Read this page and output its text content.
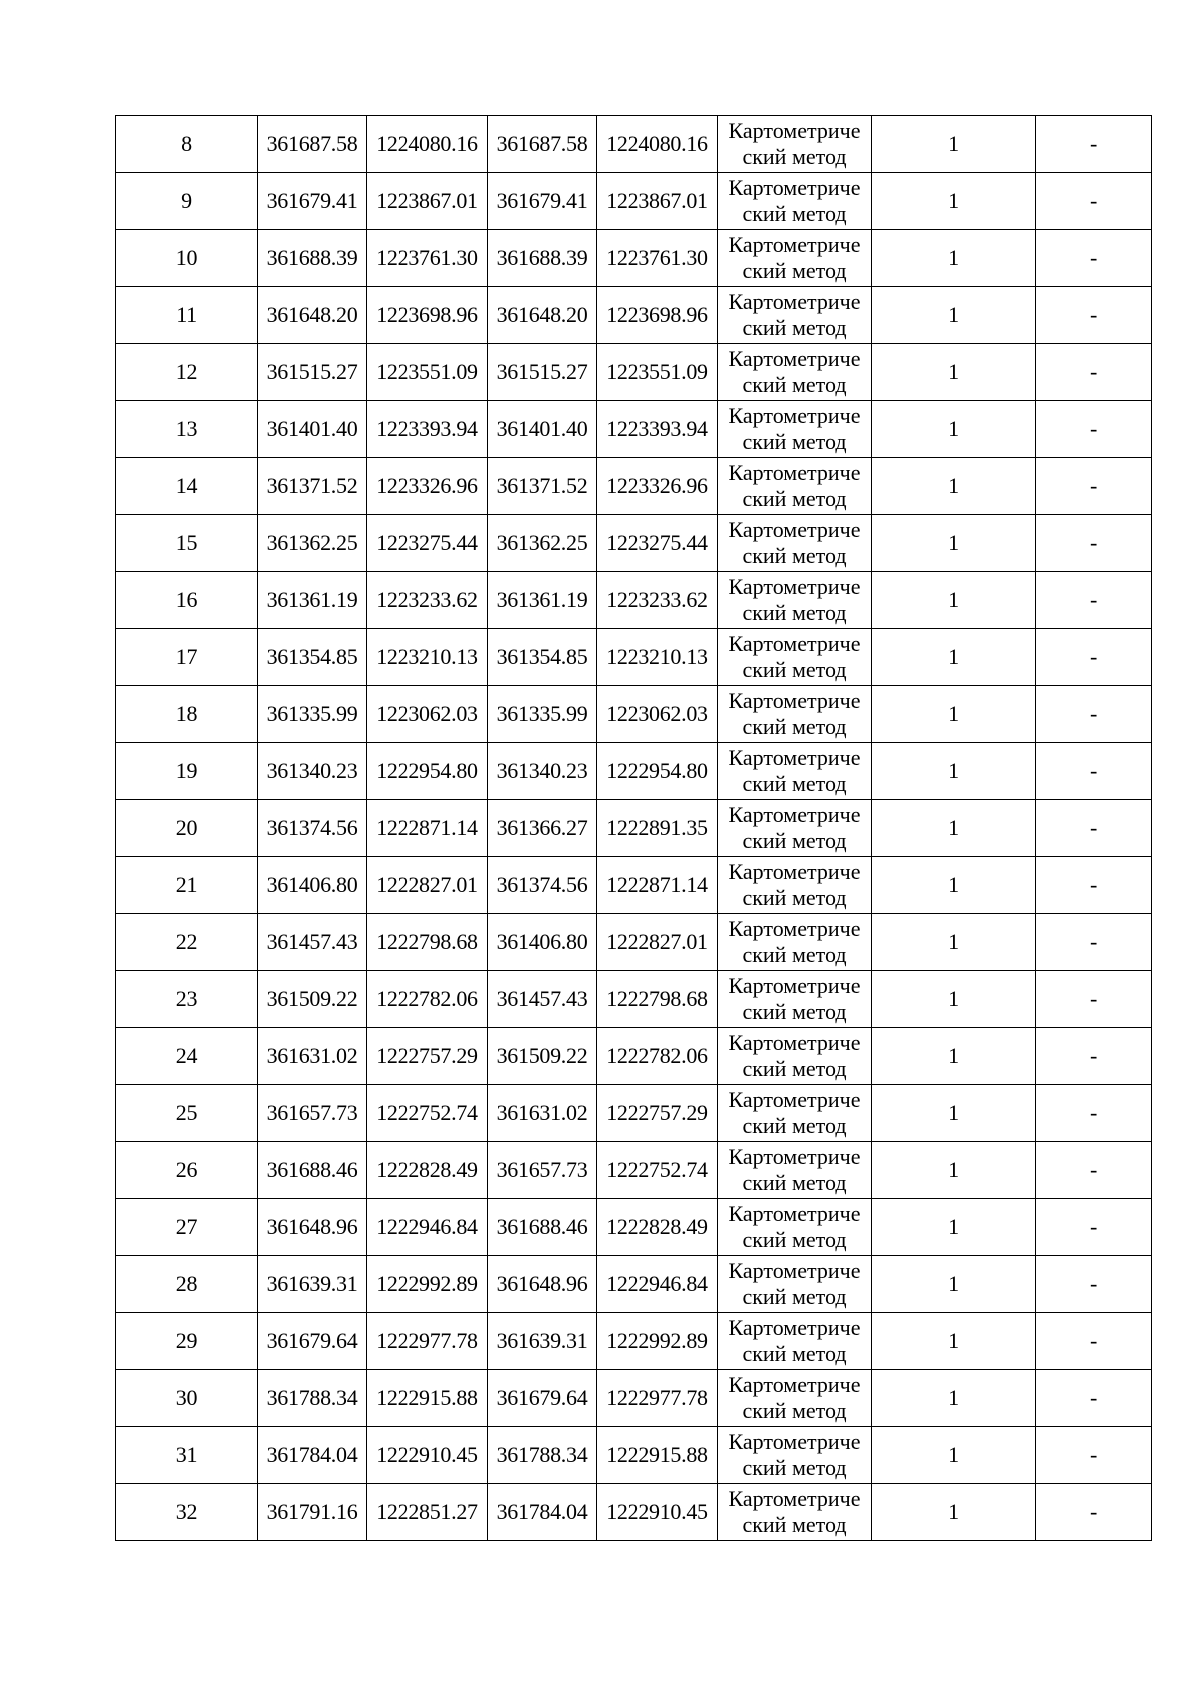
8	361687.58	1224080.16	361687.58	1224080.16	Картометриче
ский метод	1	-
9	361679.41	1223867.01	361679.41	1223867.01	Картометриче
ский метод	1	-
10	361688.39	1223761.30	361688.39	1223761.30	Картометриче
ский метод	1	-
11	361648.20	1223698.96	361648.20	1223698.96	Картометриче
ский метод	1	-
12	361515.27	1223551.09	361515.27	1223551.09	Картометриче
ский метод	1	-
13	361401.40	1223393.94	361401.40	1223393.94	Картометриче
ский метод	1	-
14	361371.52	1223326.96	361371.52	1223326.96	Картометриче
ский метод	1	-
15	361362.25	1223275.44	361362.25	1223275.44	Картометриче
ский метод	1	-
16	361361.19	1223233.62	361361.19	1223233.62	Картометриче
ский метод	1	-
17	361354.85	1223210.13	361354.85	1223210.13	Картометриче
ский метод	1	-
18	361335.99	1223062.03	361335.99	1223062.03	Картометриче
ский метод	1	-
19	361340.23	1222954.80	361340.23	1222954.80	Картометриче
ский метод	1	-
20	361374.56	1222871.14	361366.27	1222891.35	Картометриче
ский метод	1	-
21	361406.80	1222827.01	361374.56	1222871.14	Картометриче
ский метод	1	-
22	361457.43	1222798.68	361406.80	1222827.01	Картометриче
ский метод	1	-
23	361509.22	1222782.06	361457.43	1222798.68	Картометриче
ский метод	1	-
24	361631.02	1222757.29	361509.22	1222782.06	Картометриче
ский метод	1	-
25	361657.73	1222752.74	361631.02	1222757.29	Картометриче
ский метод	1	-
26	361688.46	1222828.49	361657.73	1222752.74	Картометриче
ский метод	1	-
27	361648.96	1222946.84	361688.46	1222828.49	Картометриче
ский метод	1	-
28	361639.31	1222992.89	361648.96	1222946.84	Картометриче
ский метод	1	-
29	361679.64	1222977.78	361639.31	1222992.89	Картометриче
ский метод	1	-
30	361788.34	1222915.88	361679.64	1222977.78	Картометриче
ский метод	1	-
31	361784.04	1222910.45	361788.34	1222915.88	Картометриче
ский метод	1	-
32	361791.16	1222851.27	361784.04	1222910.45	Картометриче
ский метод	1	-
